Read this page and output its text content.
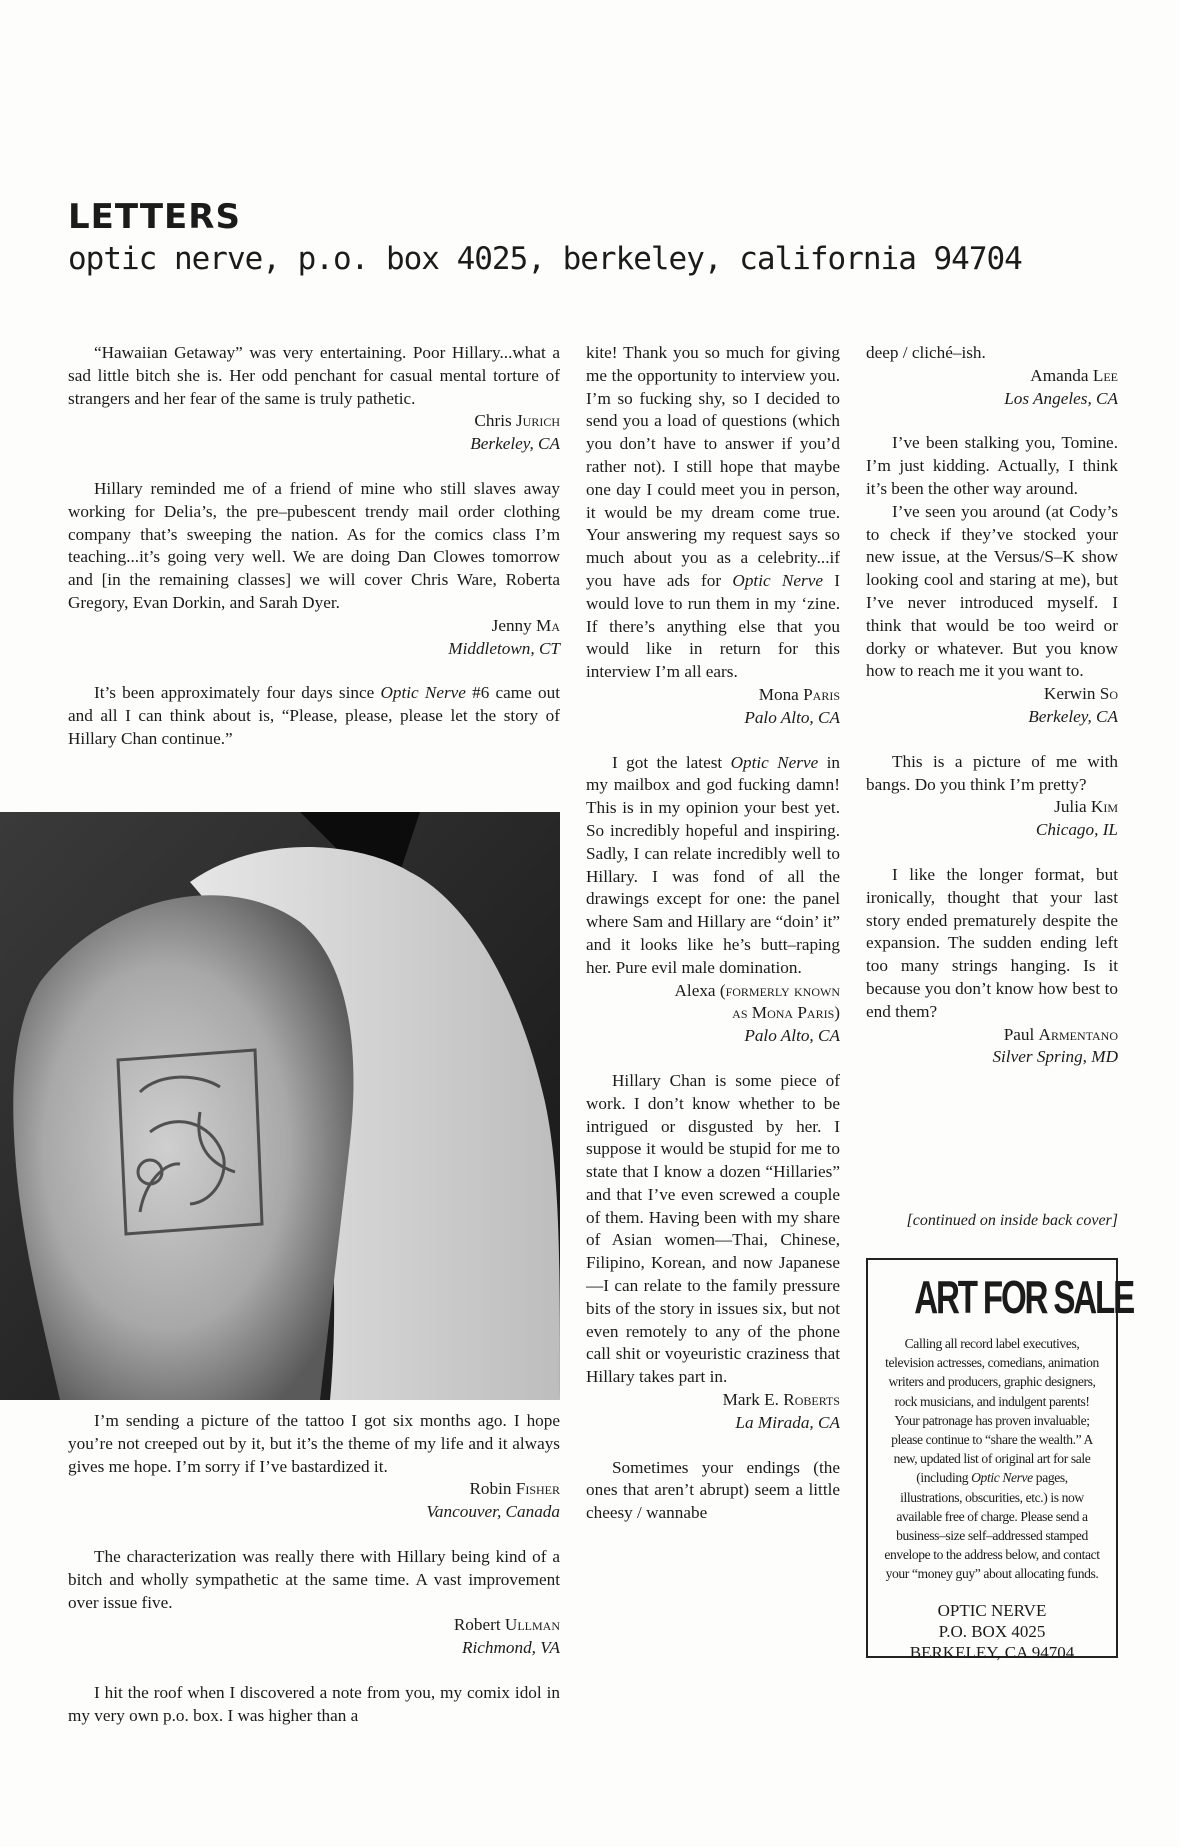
LETTERS
optic nerve, p.o. box 4025, berkeley, california 94704

“Hawaiian Getaway” was very entertaining. Poor Hillary...what a sad little bitch she is. Her odd penchant for casual mental torture of strangers and her fear of the same is truly pathetic.

Chris Jurich

Berkeley, CA

Hillary reminded me of a friend of mine who still slaves away working for Delia’s, the pre–pubescent trendy mail order clothing company that’s sweeping the nation. As for the comics class I’m teaching...it’s going very well. We are doing Dan Clowes tomorrow and [in the remaining classes] we will cover Chris Ware, Roberta Gregory, Evan Dorkin, and Sarah Dyer.

Jenny Ma

Middletown, CT

It’s been approximately four days since Optic Nerve #6 came out and all I can think about is, “Please, please, please let the story of Hillary Chan continue.”

I’m sending a picture of the tattoo I got six months ago. I hope you’re not creeped out by it, but it’s the theme of my life and it always gives me hope. I’m sorry if I’ve bastardized it.

Robin Fisher

Vancouver, Canada

The characterization was really there with Hillary being kind of a bitch and wholly sympathetic at the same time. A vast improvement over issue five.

Robert Ullman

Richmond, VA

I hit the roof when I discovered a note from you, my comix idol in my very own p.o. box. I was higher than a

kite! Thank you so much for giving me the opportunity to interview you. I’m so fucking shy, so I decided to send you a load of questions (which you don’t have to answer if you’d rather not). I still hope that maybe one day I could meet you in person, it would be my dream come true. Your answering my request says so much about you as a celebrity...if you have ads for Optic Nerve I would love to run them in my ‘zine. If there’s anything else that you would like in return for this interview I’m all ears.

Mona Paris

Palo Alto, CA

I got the latest Optic Nerve in my mailbox and god fucking damn! This is in my opinion your best yet. So incredibly hopeful and inspiring. Sadly, I can relate incredibly well to Hillary. I was fond of all the drawings except for one: the panel where Sam and Hillary are “doin’ it” and it looks like he’s butt–raping her. Pure evil male domination.

Alexa (formerly known

as Mona Paris)

Palo Alto, CA

Hillary Chan is some piece of work. I don’t know whether to be intrigued or disgusted by her. I suppose it would be stupid for me to state that I know a dozen “Hillaries” and that I’ve even screwed a couple of them. Having been with my share of Asian women—Thai, Chinese, Filipino, Korean, and now Japanese—I can relate to the family pressure bits of the story in issues six, but not even remotely to any of the phone call shit or voyeuristic craziness that Hillary takes part in.

Mark E. Roberts

La Mirada, CA

Sometimes your endings (the ones that aren’t abrupt) seem a little cheesy / wannabe

deep / cliché–ish.

Amanda Lee

Los Angeles, CA

I’ve been stalking you, Tomine. I’m just kidding. Actually, I think it’s been the other way around.

I’ve seen you around (at Cody’s to check if they’ve stocked your new issue, at the Versus/S–K show looking cool and staring at me), but I’ve never introduced myself. I think that would be too weird or dorky or whatever. But you know how to reach me it you want to.

Kerwin So

Berkeley, CA

This is a picture of me with bangs. Do you think I’m pretty?

Julia Kim

Chicago, IL

I like the longer format, but ironically, thought that your last story ended prematurely despite the expansion. The sudden ending left too many strings hanging. Is it because you don’t know how best to end them?

Paul Armentano

Silver Spring, MD

[continued on inside back cover]
ART FOR SALE

Calling all record label executives, television actresses, comedians, animation writers and producers, graphic designers, rock musicians, and indulgent parents! Your patronage has proven invaluable; please continue to “share the wealth.” A new, updated list of original art for sale (including Optic Nerve pages, illustrations, obscurities, etc.) is now available free of charge. Please send a business–size self–addressed stamped envelope to the address below, and contact your “money guy” about allocating funds.

OPTIC NERVE
P.O. BOX 4025
BERKELEY, CA 94704
